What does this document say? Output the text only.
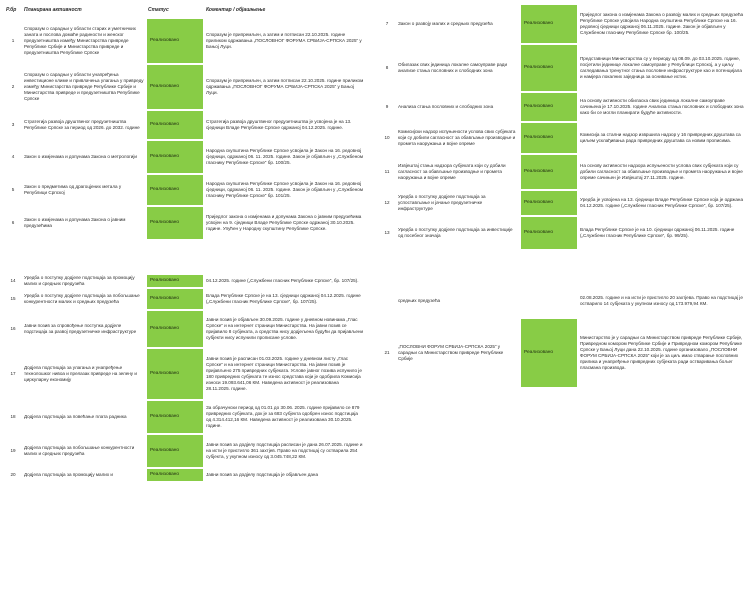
Р.бр	Планирана активност	Статус	Коментар / објашњење
1	Споразум о сарадњи у области старих и уметничких заната и послова домаће радиности и женског предузетништва између Министарства привреде Републике Србије и Министарства привреде и предузетништва Републике Српске	Реализовано	Споразум је припремљен, а затим и потписан 22.10.2025. године приликом одржавања „ПОСЛОВНОГ ФОРУМА СРБИЈА-СРПСКА 2025“ у Бањој Луци.
2	Споразум о сарадњи у области унапређења инвестиционе климе и привлачења улагања у привреду између Министарства привреде Републике Србије и Министарства привреде и предузетништва Републике Српске	Реализовано	Споразум је припремљен, а затим потписан 22.10.2025. године приликом одржавања „ПОСЛОВНОГ ФОРУМА СРБИЈА-СРПСКА 2025“ у Бањој Луци.
3	Стратегија развоја друштвеног предузетништва Републике Српске за период од 2026. до 2032. године	Реализовано	Стратегија развоја друштвеног предузетништва је усвојена је на 13. сједници Владе Републике Српске одржаној 04.12.2025. године.
4	Закон о измјенама и допунама Закона о метрологији	Реализовано	Народна скупштина Републике Српске усвојила је Закон на 16. редовној сједници, одржаној 06. 11. 2025. године. Закон је објављен у „Службеном гласнику Републике Српске“ бр. 100/25.
5	Закон о предметима од драгоцјених метала у Републици Српској	Реализовано	Народна скупштина Републике Српске усвојила је Закон на 16. редовној сједници, одржаној 06. 11. 2025. године. Закон је објављен у „Службеном гласнику Републике Српске“ бр. 101/25.
6	Закон о измјенама и допунама Закона о јавним предузећима	Реализовано	Приједлог закона о измјенама и допунама Закона о јавним предузећима усвојен на 9. сједници Владе Републике Српске одржаној 30.10.2025. године. Упућен у Народну скупштину Републике Српске.

14	Уредба о поступку додјеле подстицаја за промоцију малих и средњих предузећа	Реализовано	04.12.2025. године („Службени гласник Републике Српске“, бр. 107/25).
15	Уредба о поступку додјеле подстицаја за побољшање конкурентности малих и средњих предузећа	Реализовано	Влада Републике Српске је на 13. сједници одржаној 04.12.2025. године („Службени гласник Републике Српске“, бр. 107/25).
16	Јавни позив за спровођење поступка додјеле подстицаја за развој предузетничке инфраструктуре	Реализовано	Јавни позив је објављен 30.09.2025. године у дневном новинама „Глас Српске“ и на интернет страници Министарства. На јавни позив се пријавило 8 субјеката, а средства нису додјељена будући да пријављени субјекти нису испунили прописане услове.
17	Додјела подстицаја за улагања и унапређење технолошког нивоа и прелазак привреде на зелену и циркуларну економију	Реализовано	Јавни позив је расписан 01.03.2025. године у дневном листу „Глас Српске“ и на интернет страници Министарства. На јавни позив је пријављено 275 привредних субјеката. Услове јавног позива испунило је 180 привредних субјеката те износ средстава који је одобрила Комисија износи 19.093.641,06 КМ. Наведена активност је реализована 28.11.2025. године.
18	Додјела подстицаја за повећање плата радника	Реализовано	За обрачунски период од 01.01 до 30.06. 2025. године пријавило се 879 привредних субјеката, док је за 683 субјекта одобрен износ подстицаја од 4.314.412,16 КМ. Наведена активност је реализована 30.10.2025. године.
19	Додјела подстицаја за побољшање конкурентности малих и средњих предузећа	Реализовано	Јавни позив за додјелу подстицаја расписан је дана 26.07.2025. године и на исти је пристигло 361 захтјев. Право на подстицај су остварила 254 субјекта, у укупном износу од 3.045.748,22 КМ.
20	Додјела подстицаја за промоцију малих и	Реализовано	Јавни позив за додјелу подстицаја је објављен дана
7	Закон о развоју малих и средњих предузећа	Реализовано	Приједлог закона о измјенама Закона о развоју малих и средњих предузећа Републике Српске усвојила Народна скупштина Републике Српске на 16. редовној сједници одржаној 06.11.2025. године. Закон је објављен у Службеном гласнику Републике Српске бр. 100/25.
8	Обилазак свих јединица локалне самоуправе ради анализе стања пословних и слободних зона	Реализовано	Представници Министарства су у периоду од 08.09. до 03.10.2025. године, посјетили јединице локалне самоуправе у Републици Српској, а у циљу сагледавања тренутног стања пословне инфраструктуре као и потенцијала и намјера локалних заједница за оснивање истих.
9	Анализа стања пословних и слободних зона	Реализовано	На основу активности обиласка свих јединица локалне самоуправе сачињена је 17.10.2025. године Анализа стања пословних и слободних зона како би се могли планирати будуће активности.
10	Комисијски надзор испуњености услова свих субјеката који су добили сагласност за обављање производње и промета наоружања и војне опреме	Реализовано	Комисија за стални надзор извршила надзор у 16 привредних друштава са циљем усклађивања рада привредних друштава са новим прописима.
11	Извјештај стања надзора субјеката који су добили сагласност за обављање производње и промета наоружања и војне опреме	Реализовано	На основу активности надзора испуњености услова свих субјеката који су добили сагласност за обављање производње и промета наоружања и војне опреме сачињен је Извјештај 27.11.2025. године.
12	Уредба о поступку додјеле подстицаја за успостављање и јачање предузетничке инфраструктуре	Реализовано	Уредба је усвојена на 13. сједници Владе Републике Српске која је одржана 04.12.2025. године („Службени гласник Републике Српске“, бр. 107/25).
13	Уредба о поступку додјеле подстицаја за инвестиције од посебног значаја	Реализовано	Влада Републике Српске је на 10. сједници одржаној 06.11.2025. године („Службени гласник Републике Српске“, бр. 99/25).

	средњих предузећа		02.08.2025. године и на исти је пристигло 20 захтјева. Право на подстицај је остварило 14 субјеката у укупном износу од 173.979,94 КМ.
21	„ПОСЛОВНИ ФОРУМ СРБИЈА-СРПСКА 2025“ у сарадњи са Министарством привреде Републике Србије	Реализовано	Министарство је у сарадњи са Министарством привреде Републике Србије, Привредном комором Републике Србије и Привредном комором Републике Српске у Бањој Луци дана 22.10.2025. године организовало „ПОСЛОВНИ ФОРУМ СРБИЈА-СРПСКА 2025“ који је за циљ имао стварање пословних прилика и унапређење привредних субјеката ради остваривања бољег пласмана производа.
